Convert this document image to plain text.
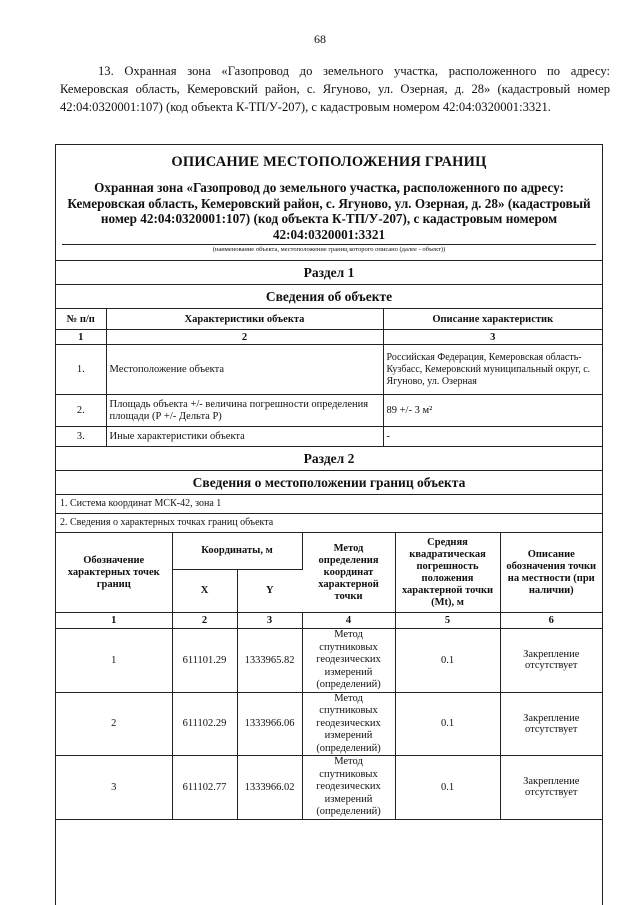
68
13. Охранная зона «Газопровод до земельного участка, расположенного по адресу: Кемеровская область, Кемеровский район, с. Ягуново, ул. Озерная, д. 28» (кадастровый номер 42:04:0320001:107) (код объекта К-ТП/У-207), с кадастровым номером 42:04:0320001:3321.
ОПИСАНИЕ МЕСТОПОЛОЖЕНИЯ ГРАНИЦ
Охранная зона «Газопровод до земельного участка, расположенного по адресу: Кемеровская область, Кемеровский район, с. Ягуново, ул. Озерная, д. 28» (кадастровый номер 42:04:0320001:107) (код объекта К-ТП/У-207), с кадастровым номером 42:04:0320001:3321
(наименование объекта, местоположение границ которого описано (далее - объект))
Раздел 1
Сведения об объекте
№ п/п	Характеристики объекта	Описание характеристик
1	2	3
1.	Местоположение объекта	Российская Федерация, Кемеровская область-Кузбасс, Кемеровский муниципальный округ, с. Ягуново, ул. Озерная
2.	Площадь объекта +/- величина погрешности определения площади (Р +/- Дельта Р)	89 +/- 3 м²
3.	Иные характеристики объекта	-
Раздел 2
Сведения о местоположении границ объекта
1. Система координат МСК-42, зона 1
2. Сведения о характерных точках границ объекта
Обозначение характерных точек границ	Координаты, м		Метод определения координат характерной точки	Средняя квадратическая погрешность положения характерной точки (Mt), м	Описание обозначения точки на местности (при наличии)
	X	Y			
1	2	3	4	5	6
1	611101.29	1333965.82	Метод спутниковых геодезических измерений (определений)	0.1	Закрепление отсутствует
2	611102.29	1333966.06	Метод спутниковых геодезических измерений (определений)	0.1	Закрепление отсутствует
3	611102.77	1333966.02	Метод спутниковых геодезических измерений (определений)	0.1	Закрепление отсутствует
